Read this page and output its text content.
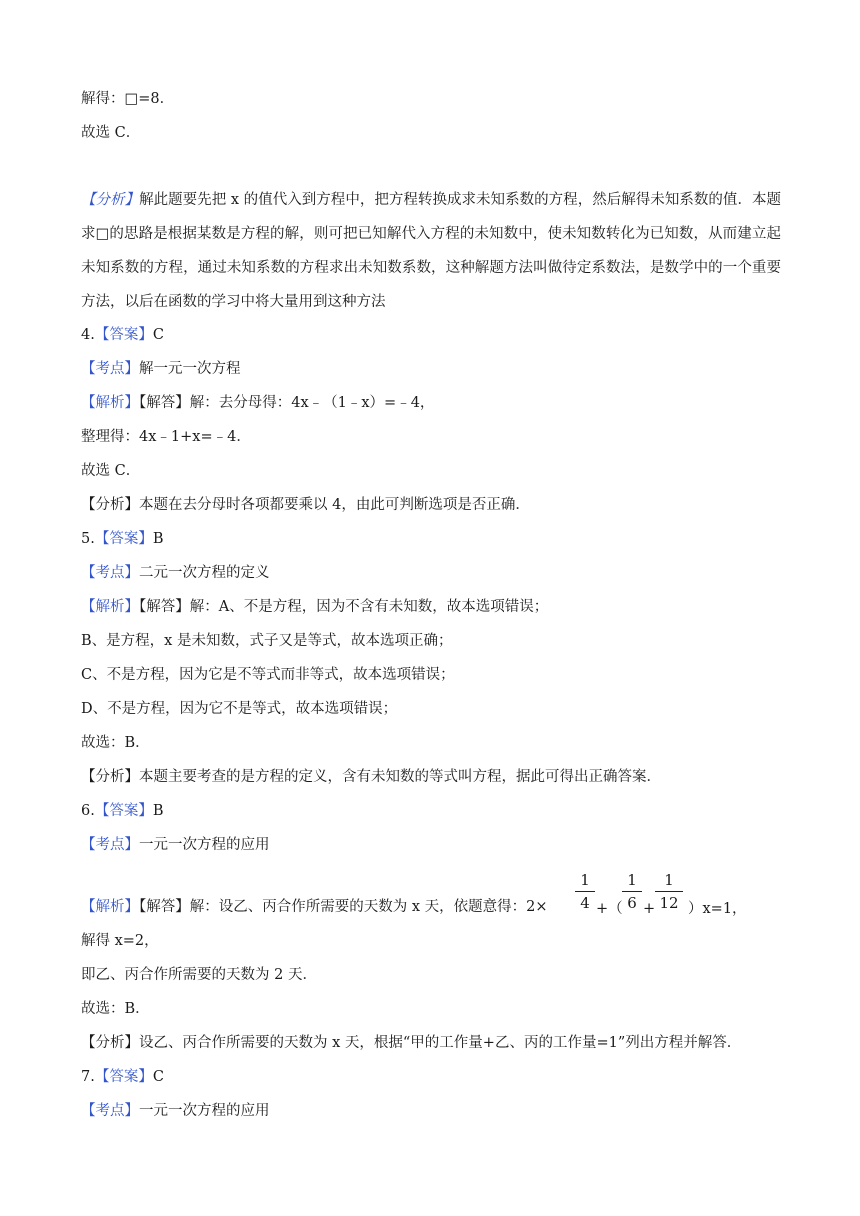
解得：□=8．
故选 C．
【分析】解此题要先把 x 的值代入到方程中，把方程转换成求未知系数的方程，然后解得未知系数的值．本题求□的思路是根据某数是方程的解，则可把已知解代入方程的未知数中，使未知数转化为已知数，从而建立起未知系数的方程，通过未知系数的方程求出未知数系数，这种解题方法叫做待定系数法，是数学中的一个重要方法，以后在函数的学习中将大量用到这种方法
4.【答案】C
【考点】解一元一次方程
【解析】【解答】解：去分母得：4x﹣（1﹣x）=﹣4，
整理得：4x﹣1+x=﹣4．
故选 C．
【分析】本题在去分母时各项都要乘以 4，由此可判断选项是否正确．
5.【答案】B
【考点】二元一次方程的定义
【解析】【解答】解：A、不是方程，因为不含有未知数，故本选项错误；
B、是方程，x 是未知数，式子又是等式，故本选项正确；
C、不是方程，因为它是不等式而非等式，故本选项错误；
D、不是方程，因为它不是等式，故本选项错误；
故选：B．
【分析】本题主要考查的是方程的定义，含有未知数的等式叫方程，据此可得出正确答案．
6.【答案】B
【考点】一元一次方程的应用
【解析】【解答】解：设乙、丙合作所需要的天数为 x 天，依题意得：2×
1
4 +（
1
6 +
1
12 ）x=1，
解得 x=2，
即乙、丙合作所需要的天数为 2 天．
故选：B．
【分析】设乙、丙合作所需要的天数为 x 天，根据“甲的工作量+乙、丙的工作量=1”列出方程并解答．
7.【答案】C
【考点】一元一次方程的应用
